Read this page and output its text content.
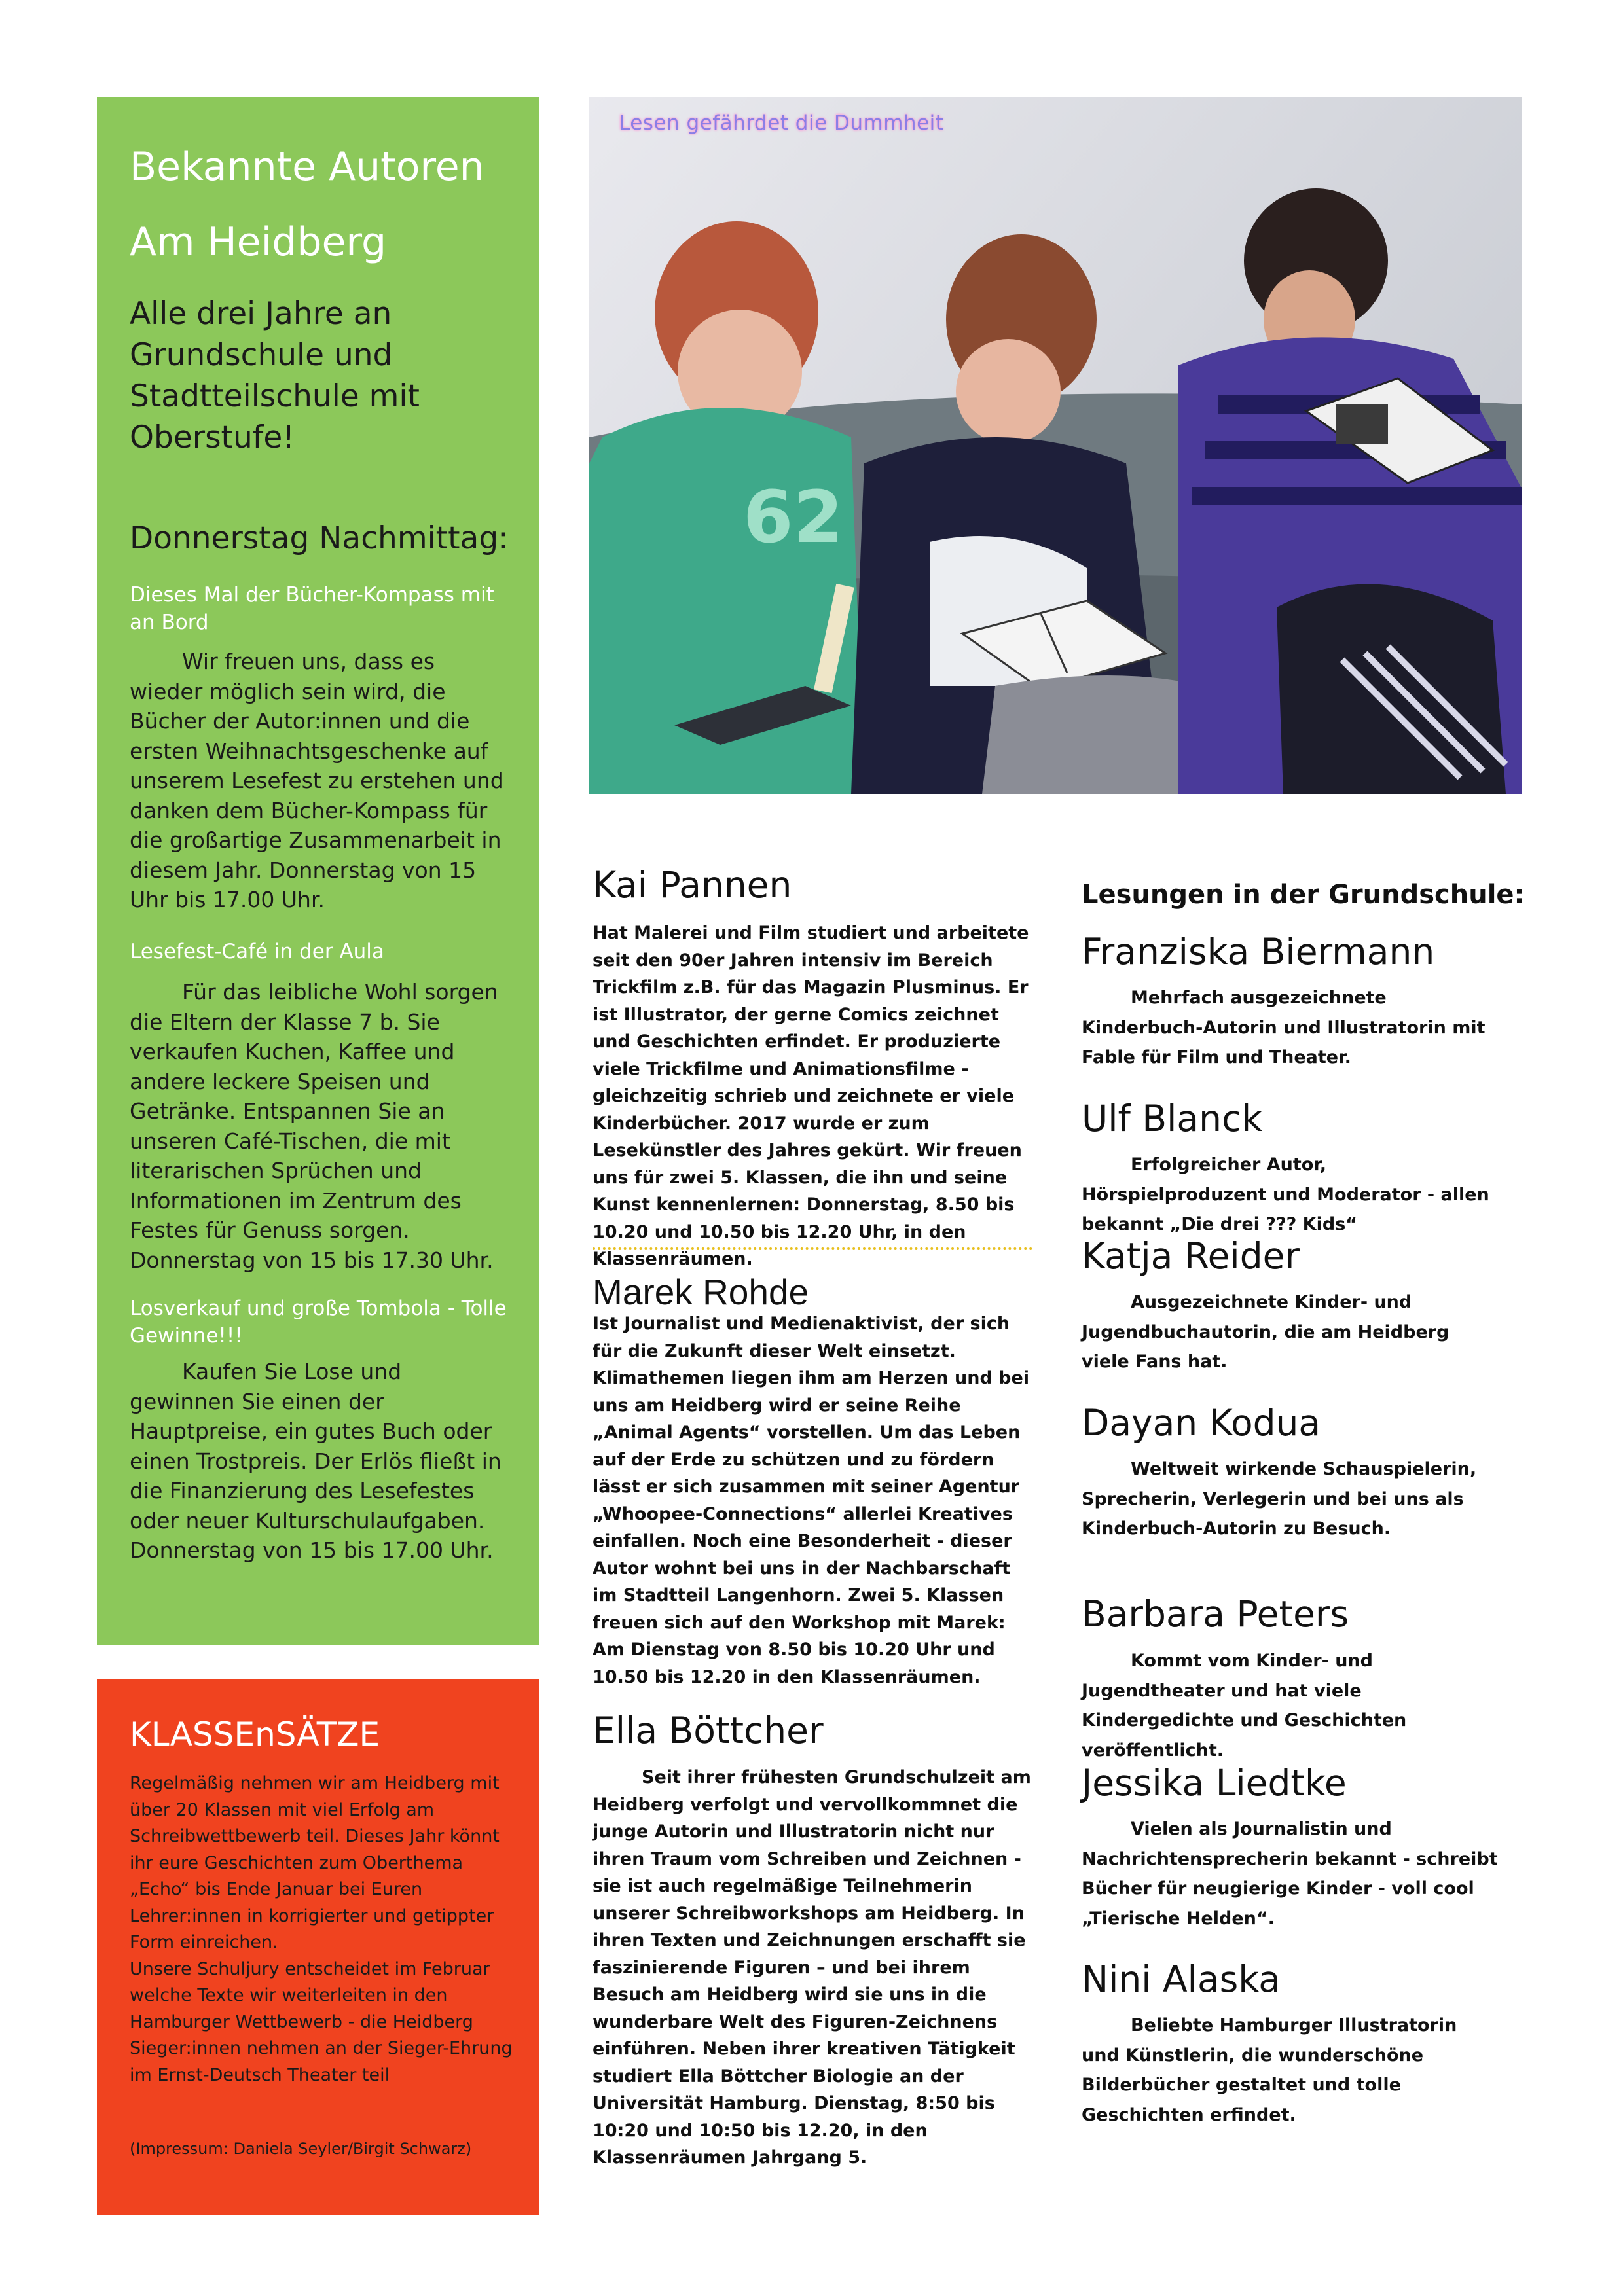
Bekannte Autoren
Am Heidberg
Alle drei Jahre an Grundschule und Stadtteilschule mit Oberstufe!
Donnerstag Nachmittag:
Dieses Mal der Bücher-Kompass mit an Bord
Wir freuen uns, dass es wieder möglich sein wird, die Bücher der Autor:innen und die ersten Weihnachtsgeschenke auf unserem Lesefest zu erstehen und danken dem Bücher-Kompass für die großartige Zusammenarbeit in diesem Jahr. Donnerstag von 15 Uhr bis 17.00 Uhr.
Lesefest-Café in der Aula
Für das leibliche Wohl sorgen die Eltern der Klasse 7 b. Sie verkaufen Kuchen, Kaffee und andere leckere Speisen und Getränke. Entspannen Sie an unseren Café-Tischen, die mit literarischen Sprüchen und Informationen im Zentrum des Festes für Genuss sorgen. Donnerstag von 15 bis 17.30 Uhr.
Losverkauf und große Tombola - Tolle Gewinne!!!
Kaufen Sie Lose und gewinnen Sie einen der Hauptpreise, ein gutes Buch oder einen Trostpreis. Der Erlös fließt in die Finanzierung des Lesefestes oder neuer Kulturschulaufgaben. Donnerstag von 15 bis 17.00 Uhr.
KLASSEnSÄTZE
Regelmäßig nehmen wir am Heidberg mit über 20 Klassen mit viel Erfolg am Schreibwettbewerb teil. Dieses Jahr könnt ihr eure Geschichten zum Oberthema „Echo“ bis Ende Januar bei Euren Lehrer:innen in korrigierter und getippter Form einreichen.
Unsere Schuljury entscheidet im Februar welche Texte wir weiterleiten in den Hamburger Wettbewerb - die Heidberg Sieger:innen nehmen an der Sieger-Ehrung im Ernst-Deutsch Theater teil
(Impressum: Daniela Seyler/Birgit Schwarz)
62
Lesen gefährdet die Dummheit
Kai Pannen
Hat Malerei und Film studiert und arbeitete seit den 90er Jahren intensiv im Bereich Trickfilm z.B. für das Magazin Plusminus. Er ist Illustrator, der gerne Comics zeichnet und Geschichten erfindet. Er produzierte viele Trickfilme und Animationsfilme - gleichzeitig schrieb und zeichnete er viele Kinderbücher. 2017 wurde er zum Lesekünstler des Jahres gekürt. Wir freuen uns für zwei 5. Klassen, die ihn und seine Kunst kennenlernen: Donnerstag, 8.50 bis 10.20 und 10.50 bis 12.20 Uhr, in den Klassenräumen.
Marek Rohde
Ist Journalist und Medienaktivist, der sich für die Zukunft dieser Welt einsetzt. Klimathemen liegen ihm am Herzen und bei uns am Heidberg wird er seine Reihe „Animal Agents“ vorstellen. Um das Leben auf der Erde zu schützen und zu fördern lässt er sich zusammen mit seiner Agentur „Whoopee-Connections“ allerlei Kreatives einfallen. Noch eine Besonderheit - dieser Autor wohnt bei uns in der Nachbarschaft im Stadtteil Langenhorn. Zwei 5. Klassen freuen sich auf den Workshop mit Marek: Am Dienstag von 8.50 bis 10.20 Uhr und 10.50 bis 12.20 in den Klassenräumen.
Ella Böttcher
Seit ihrer frühesten Grundschulzeit am Heidberg verfolgt und vervollkommnet die junge Autorin und Illustratorin nicht nur ihren Traum vom Schreiben und Zeichnen - sie ist auch regelmäßige Teilnehmerin unserer Schreibworkshops am Heidberg. In ihren Texten und Zeichnungen erschafft sie faszinierende Figuren – und bei ihrem Besuch am Heidberg wird sie uns in die wunderbare Welt des Figuren-Zeichnens einführen. Neben ihrer kreativen Tätigkeit studiert Ella Böttcher Biologie an der Universität Hamburg. Dienstag, 8:50 bis 10:20 und 10:50 bis 12.20, in den Klassenräumen Jahrgang 5.
Lesungen in der Grundschule:
Franziska Biermann
Mehrfach ausgezeichnete Kinderbuch-Autorin und Illustratorin mit Fable für Film und Theater.
Ulf Blanck
Erfolgreicher Autor, Hörspielproduzent und Moderator - allen bekannt „Die drei ??? Kids“
Katja Reider
Ausgezeichnete Kinder- und Jugendbuchautorin, die am Heidberg viele Fans hat.
Dayan Kodua
Weltweit wirkende Schauspielerin, Sprecherin, Verlegerin und bei uns als Kinderbuch-Autorin zu Besuch.
Barbara Peters
Kommt vom Kinder- und Jugendtheater und hat viele Kindergedichte und Geschichten veröffentlicht.
Jessika Liedtke
Vielen als Journalistin und Nachrichtensprecherin bekannt - schreibt Bücher für neugierige Kinder - voll cool „Tierische Helden“.
Nini Alaska
Beliebte Hamburger Illustratorin und Künstlerin, die wunderschöne Bilderbücher gestaltet und tolle Geschichten erfindet.
